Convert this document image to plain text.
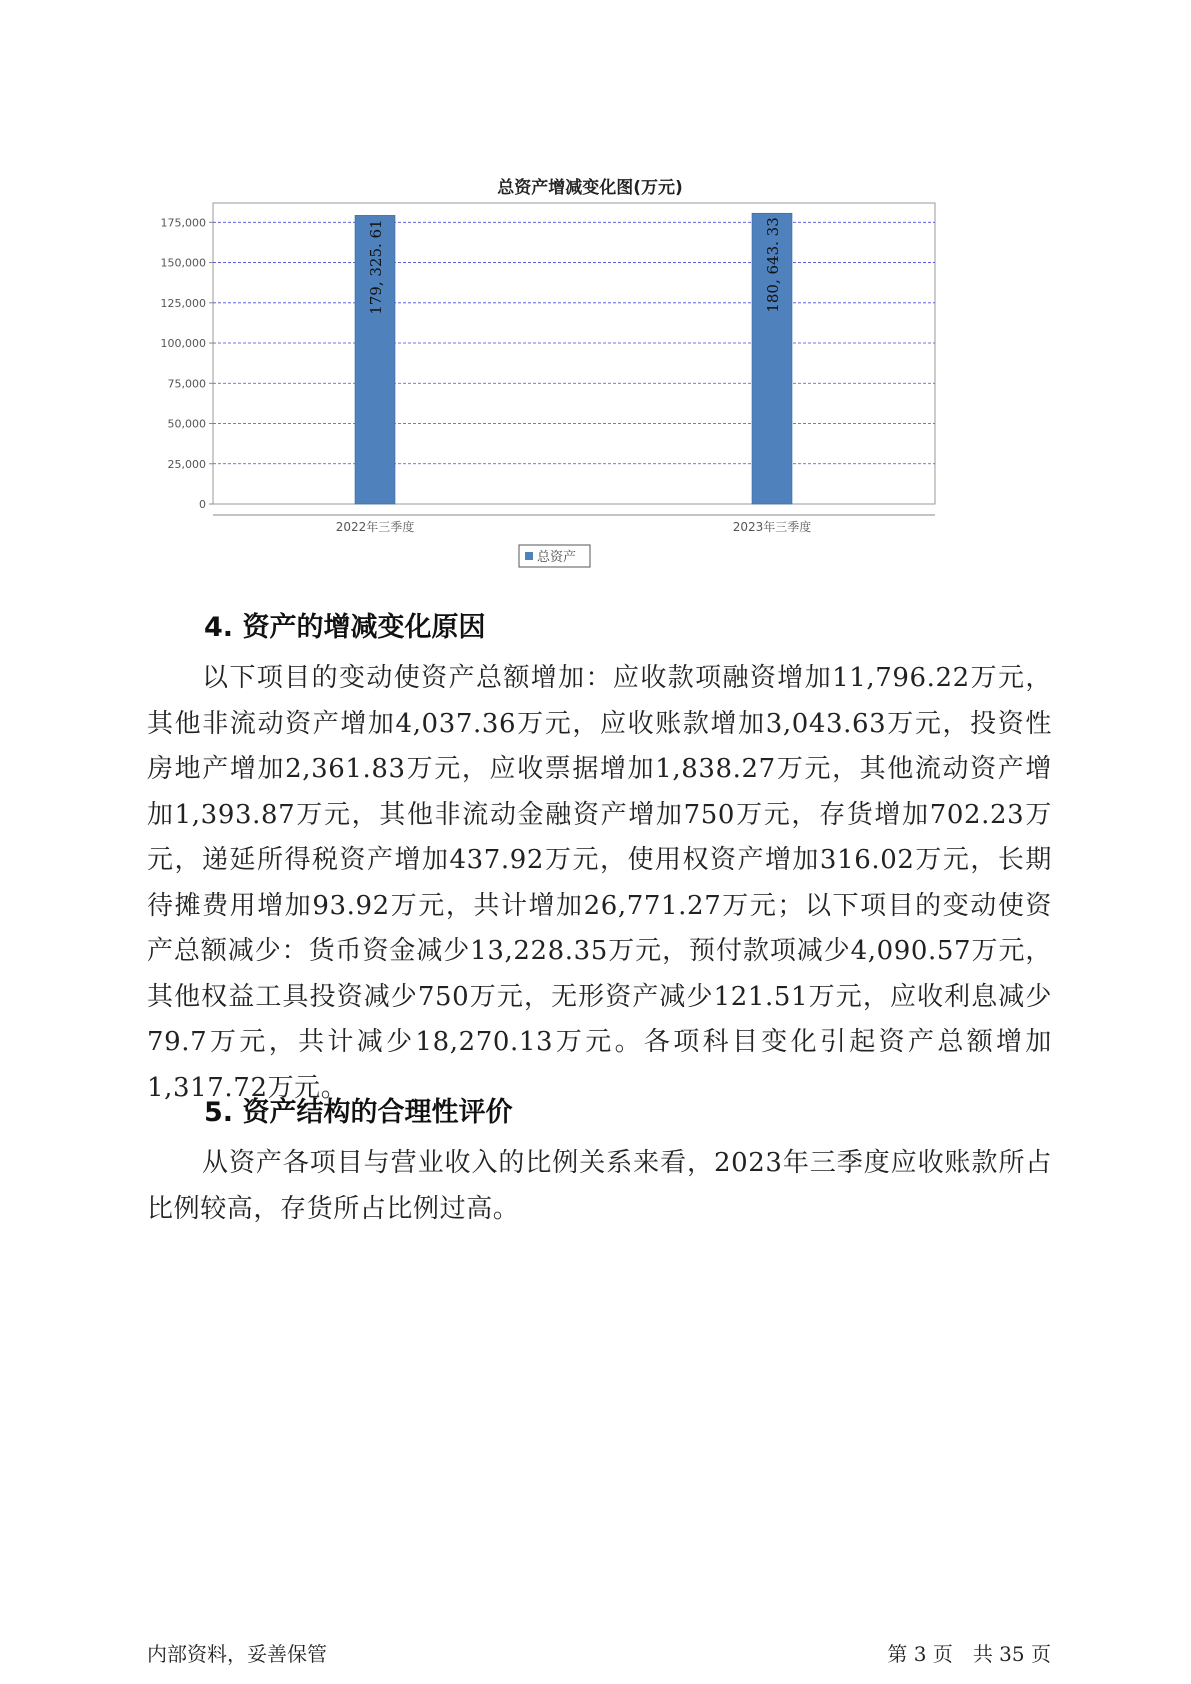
总资产增减变化图(万元)
0
25,000
50,000
75,000
100,000
125,000
150,000
175,000	179, 325. 61
2022年三季度
180, 643. 33
2023年三季度
总资产
4. 资产的增减变化原因

以下项目的变动使资产总额增加：应收款项融资增加11,796.22万元，其他非流动资产增加4,037.36万元，应收账款增加3,043.63万元，投资性房地产增加2,361.83万元，应收票据增加1,838.27万元，其他流动资产增加1,393.87万元，其他非流动金融资产增加750万元，存货增加702.23万元，递延所得税资产增加437.92万元，使用权资产增加316.02万元，长期待摊费用增加93.92万元，共计增加26,771.27万元；以下项目的变动使资产总额减少：货币资金减少13,228.35万元，预付款项减少4,090.57万元，其他权益工具投资减少750万元，无形资产减少121.51万元，应收利息减少79.7万元，共计减少18,270.13万元。各项科目变化引起资产总额增加1,317.72万元。

5. 资产结构的合理性评价

从资产各项目与营业收入的比例关系来看，2023年三季度应收账款所占比例较高，存货所占比例过高。

内部资料，妥善保管	第 3 页　共 35 页
